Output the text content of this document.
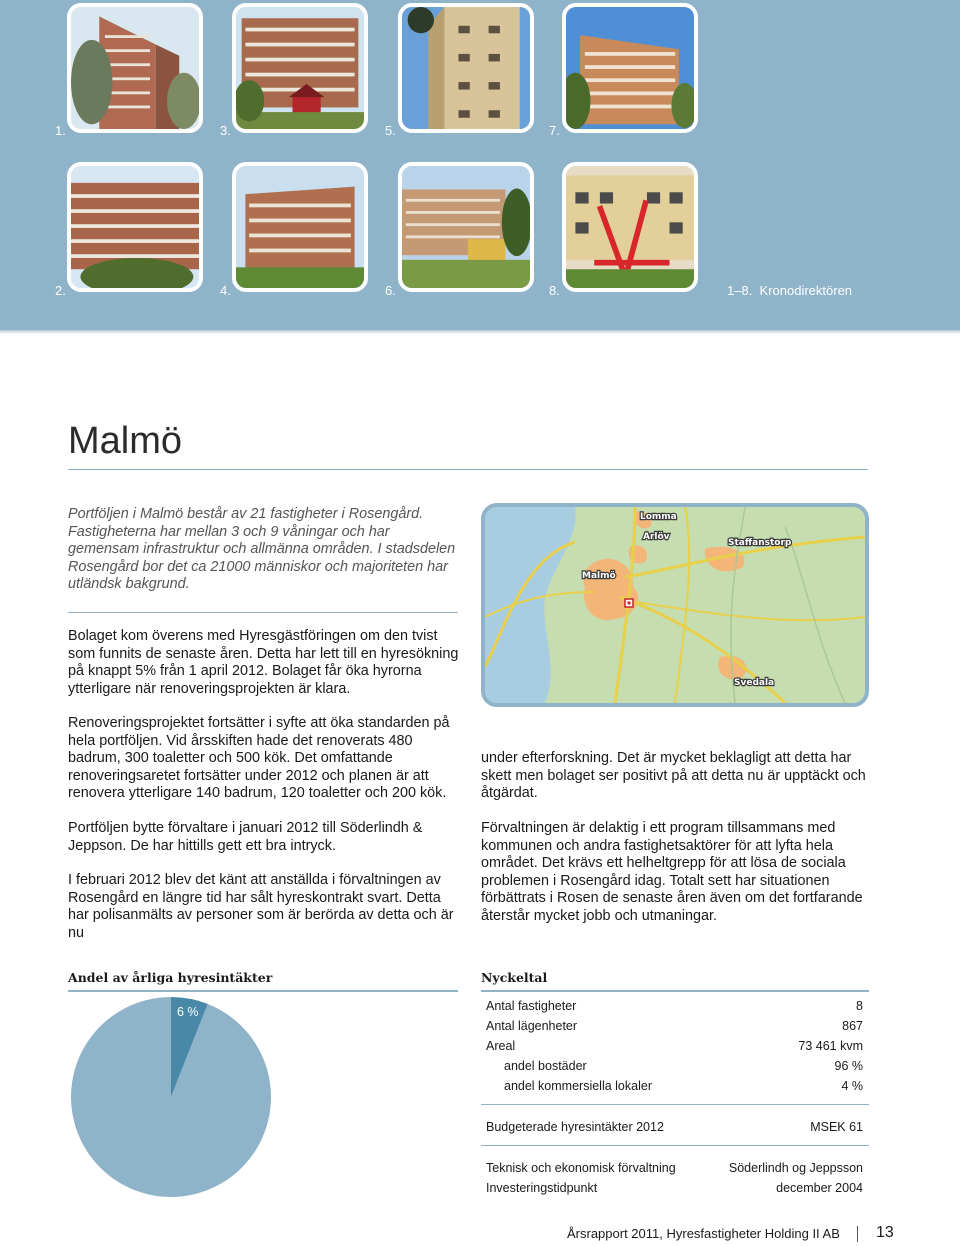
1.	3.	5.	7.
2.	4.	6.	8.	1–8.  Kronodirektören
Malmö

Portföljen i Malmö består av 21 fastigheter i Rosengård. Fastigheterna har mellan 3 och 9 våningar och har gemensam infrastruktur och allmänna områden. I stadsdelen Rosengård bor det ca 21000 människor och majoriteten har utländsk bakgrund.

Lomma
Arlöv
Staffanstorp
Malmö
Svedala

Bolaget kom överens med Hyresgästföringen om den tvist som funnits de senaste åren. Detta har lett till en hyresökning på knappt 5% från 1 april 2012. Bolaget får öka hyrorna ytterligare när renoveringsprojekten är klara.

Renoveringsprojektet fortsätter i syfte att öka standarden på hela portföljen. Vid årsskiften hade det renoverats 480 badrum, 300 toaletter och 500 kök. Det omfattande renoveringsaretet fortsätter under 2012 och planen är att renovera ytterligare 140 badrum, 120 toaletter och 200 kök.

Portföljen bytte förvaltare i januari 2012 till Söderlindh & Jeppson. De har hittills gett ett bra intryck.

I februari 2012 blev det känt att anställda i förvaltningen av Rosengård en längre tid har sålt hyreskontrakt svart. Detta har polisanmälts av personer som är berörda av detta och är nu

under efterforskning. Det är mycket beklagligt att detta har skett men bolaget ser positivt på att detta nu är upptäckt och åtgärdat.

Förvaltningen är delaktig i ett program tillsammans med kommunen och andra fastighetsaktörer för att lyfta hela området. Det krävs ett helheltgrepp för att lösa de sociala problemen i Rosengård idag. Totalt sett har situationen förbättrats i Rosen de senaste åren även om det fortfarande återstår mycket jobb och utmaningar.

Andel av årliga hyresintäkter
6 %
Nyckeltal
Antal fastigheter	8
Antal lägenheter	867
Areal	73 461 kvm
andel bostäder	96 %
andel kommersiella lokaler	4 %
Budgeterade hyresintäkter 2012	MSEK 61
Teknisk och ekonomisk förvaltning	Söderlindh og Jeppsson
Investeringstidpunkt	december 2004
Årsrapport 2011, Hyresfastigheter Holding II AB 13
